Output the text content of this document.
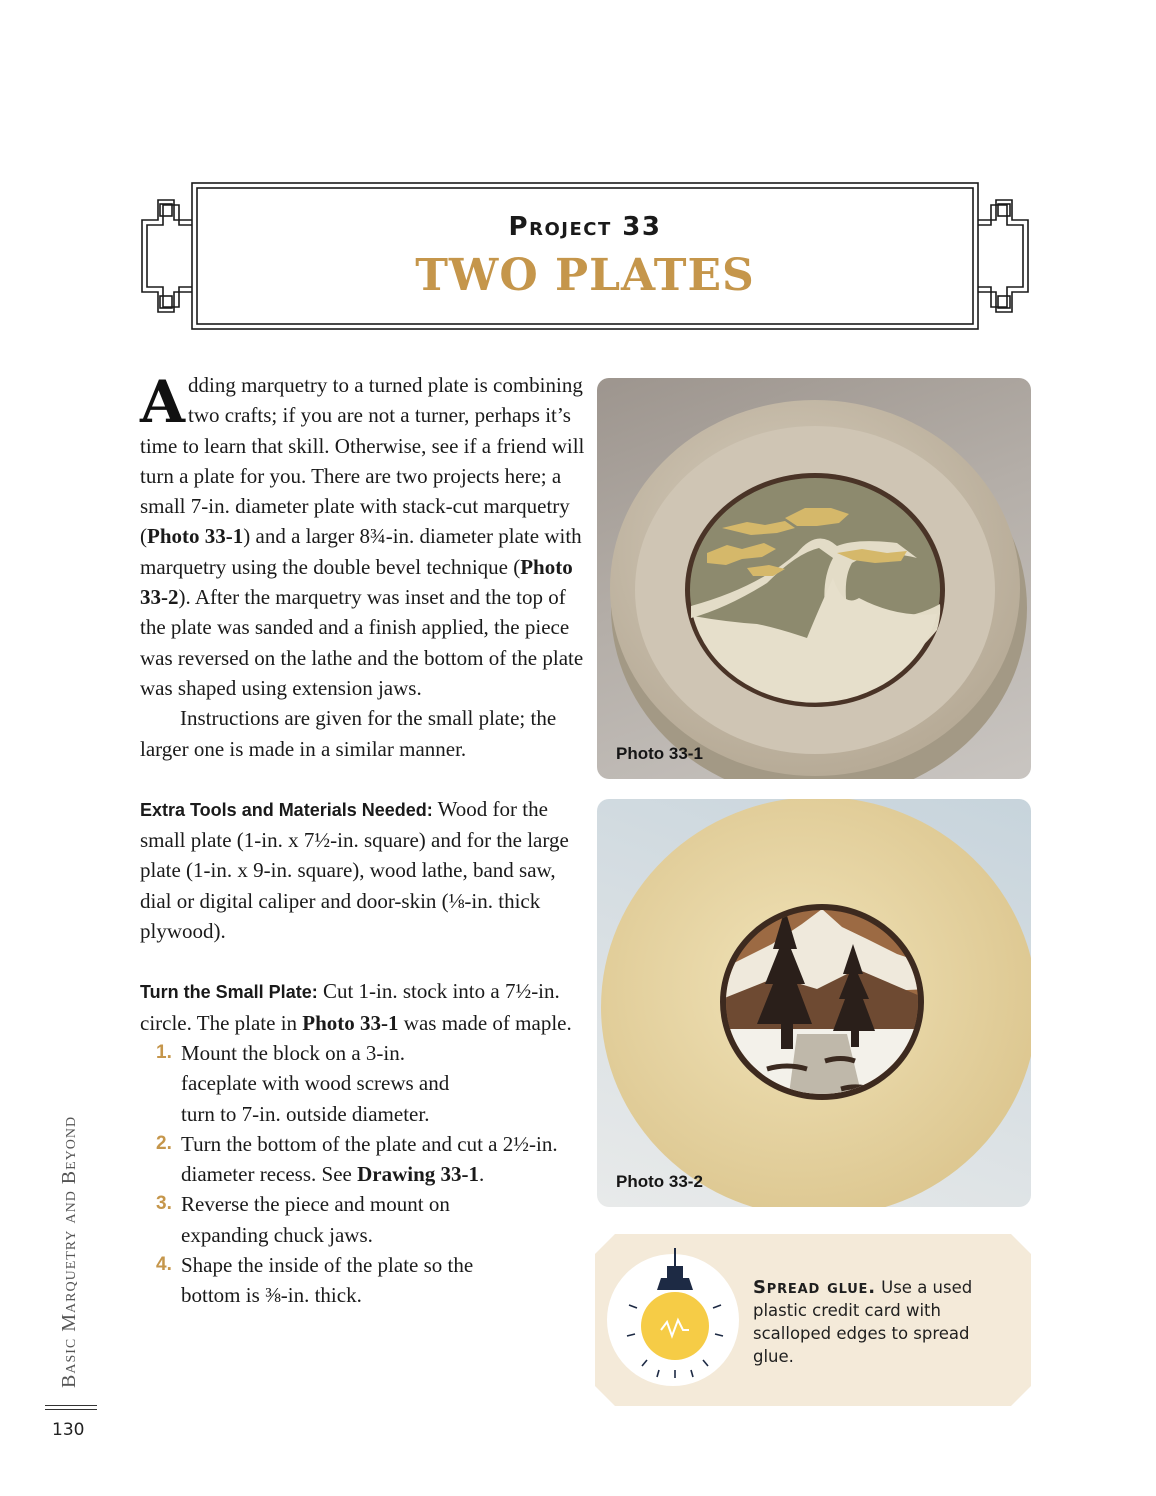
Project 33
TWO PLATES

Adding marquetry to a turned plate is combining two crafts; if you are not a turner, perhaps it’s time to learn that skill. Otherwise, see if a friend will turn a plate for you. There are two projects here; a small 7-in. diameter plate with stack-cut marquetry (Photo 33-1) and a larger 8¾-in. diameter plate with marquetry using the double bevel technique (Photo 33-2). After the marquetry was inset and the top of the plate was sanded and a finish applied, the piece was reversed on the lathe and the bottom of the plate was shaped using extension jaws.

Instructions are given for the small plate; the larger one is made in a similar manner.

Extra Tools and Materials Needed: Wood for the small plate (1-in. x 7½-in. square) and for the large plate (1-in. x 9-in. square), wood lathe, band saw, dial or digital caliper and door-skin (⅛-in. thick plywood).

Turn the Small Plate: Cut 1-in. stock into a 7½-in. circle. The plate in Photo 33-1 was made of maple.

1. Mount the block on a 3-in. faceplate with wood screws and turn to 7-in. outside diameter.
2. Turn the bottom of the plate and cut a 2½-in. diameter recess. See Drawing 33-1.
3. Reverse the piece and mount on expanding chuck jaws.
4. Shape the inside of the plate so the bottom is ⅜-in. thick.
Photo 33-1
Photo 33-2
Spread glue. Use a used plastic credit card with scalloped edges to spread glue.
Basic Marquetry and Beyond
130
